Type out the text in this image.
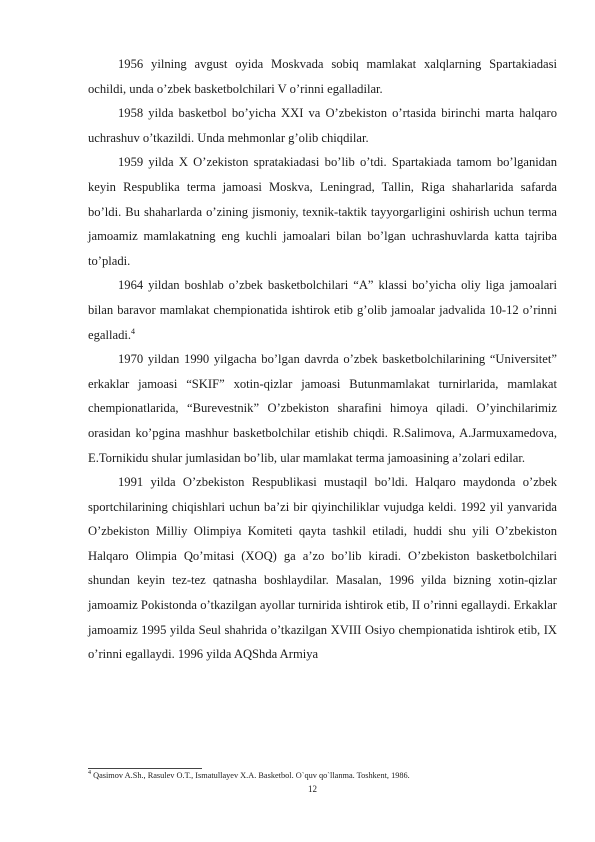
1956 yilning avgust oyida Moskvada sobiq mamlakat xalqlarning Spartakiadasi ochildi, unda o’zbek basketbolchilari V o’rinni egalladilar.

1958 yilda basketbol bo’yicha XXI va O’zbekiston o’rtasida birinchi marta halqaro uchrashuv o’tkazildi. Unda mehmonlar g’olib chiqdilar.

1959 yilda X O’zekiston spratakiadasi bo’lib o’tdi. Spartakiada tamom bo’lganidan keyin Respublika terma jamoasi Moskva, Leningrad, Tallin, Riga shaharlarida safarda bo’ldi. Bu shaharlarda o’zining jismoniy, texnik-taktik tayyorgarligini oshirish uchun terma jamoamiz mamlakatning eng kuchli jamoalari bilan bo’lgan uchrashuvlarda katta tajriba to’pladi.

1964 yildan boshlab o’zbek basketbolchilari “A” klassi bo’yicha oliy liga jamoalari bilan baravor mamlakat chempionatida ishtirok etib g’olib jamoalar jadvalida 10-12 o’rinni egalladi.$^4$

1970 yildan 1990 yilgacha bo’lgan davrda o’zbek basketbolchilarining “Universitet” erkaklar jamoasi “SKIF” xotin-qizlar jamoasi Butunmamlakat turnirlarida, mamlakat chempionatlarida, “Burevestnik” O’zbekiston sharafini himoya qiladi. O’yinchilarimiz orasidan ko’pgina mashhur basketbolchilar etishib chiqdi. R.Salimova, A.Jarmuxamedova, E.Tornikidu shular jumlasidan bo’lib, ular mamlakat terma jamoasining a’zolari edilar.

1991 yilda O’zbekiston Respublikasi mustaqil bo’ldi. Halqaro maydonda o’zbek sportchilarining chiqishlari uchun ba’zi bir qiyinchiliklar vujudga keldi. 1992 yil yanvarida O’zbekiston Milliy Olimpiya Komiteti qayta tashkil etiladi, huddi shu yili O’zbekiston Halqaro Olimpia Qo’mitasi (XOQ) ga a’zo bo’lib kiradi. O’zbekiston basketbolchilari shundan keyin tez-tez qatnasha boshlaydilar. Masalan, 1996 yilda bizning xotin-qizlar jamoamiz Pokistonda o’tkazilgan ayollar turnirida ishtirok etib, II o’rinni egallaydi. Erkaklar jamoamiz 1995 yilda Seul shahrida o’tkazilgan XVIII Osiyo chempionatida ishtirok etib, IX o’rinni egallaydi. 1996 yilda AQShda Armiya

$^4$ Qasimov A.Sh., Rasulev O.T., Ismatullayev X.A. Basketbol. O`quv qo`llanma. Toshkent, 1986.
12
